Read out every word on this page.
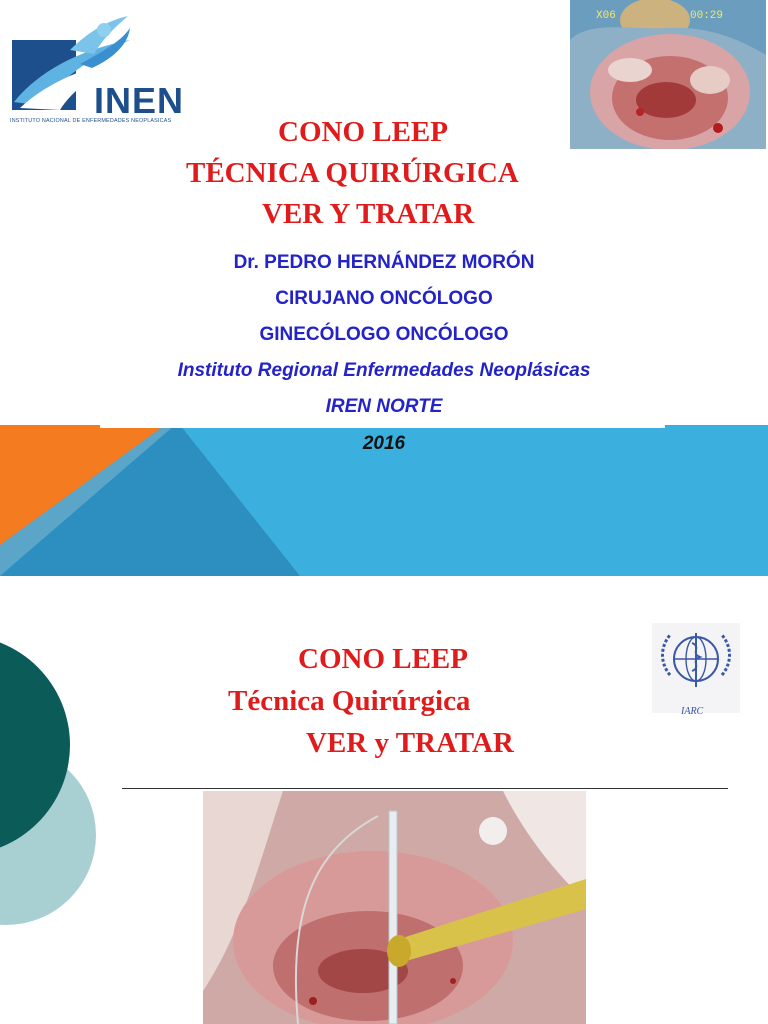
INEN
INSTITUTO NACIONAL DE ENFERMEDADES NEOPLASICAS
X06	00:29
CONO LEEP
TÉCNICA QUIRÚRGICA
VER Y TRATAR
Dr. PEDRO HERNÁNDEZ MORÓN
CIRUJANO ONCÓLOGO
GINECÓLOGO ONCÓLOGO
Instituto Regional Enfermedades Neoplásicas
IREN NORTE
2016
CONO LEEP
Técnica Quirúrgica
VER y TRATAR
IARC
